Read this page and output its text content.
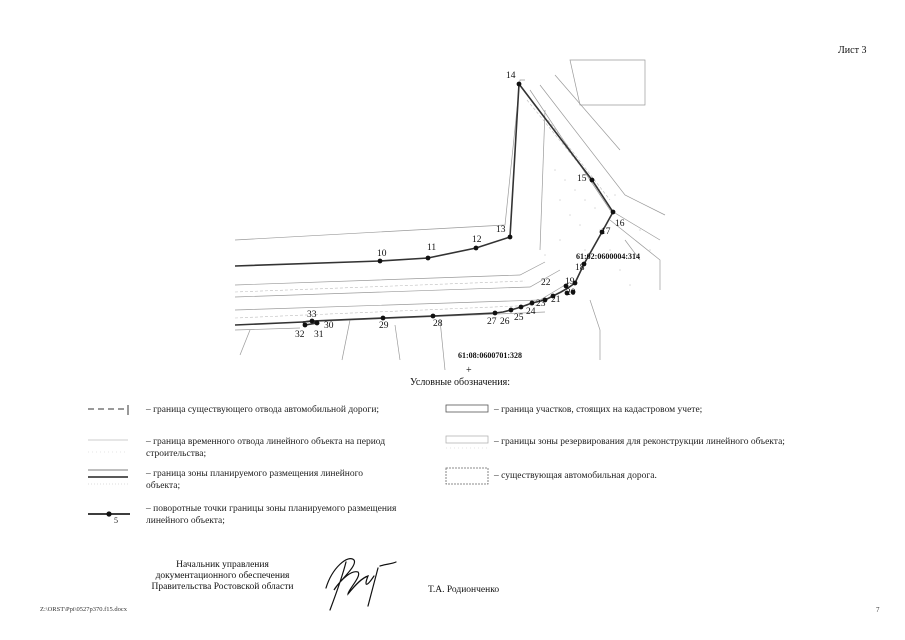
Лист 3
10
11
12
13
14
15
16
17
18
19
20
21
22
23
24
25
26
27
28
29
30
31
32
33
61:02:0600004:314
61:08:0600701:328
+
Условные обозначения:
5
– граница существующего отвода автомобильной дороги;	– граница участков, стоящих на кадастровом учете;
– граница временного отвода линейного объекта на период строительства;
– границы зоны резервирования для реконструкции линейного объекта;
– граница зоны планируемого размещения линейного объекта;
– существующая автомобильная дорога.
– поворотные точки границы зоны планируемого размещения линейного объекта;
Начальник управления
документационного обеспечения
Правительства Ростовской области	Т.А. Родионченко
Z:\ORST\Ppi\0527p370.f15.docx	7
